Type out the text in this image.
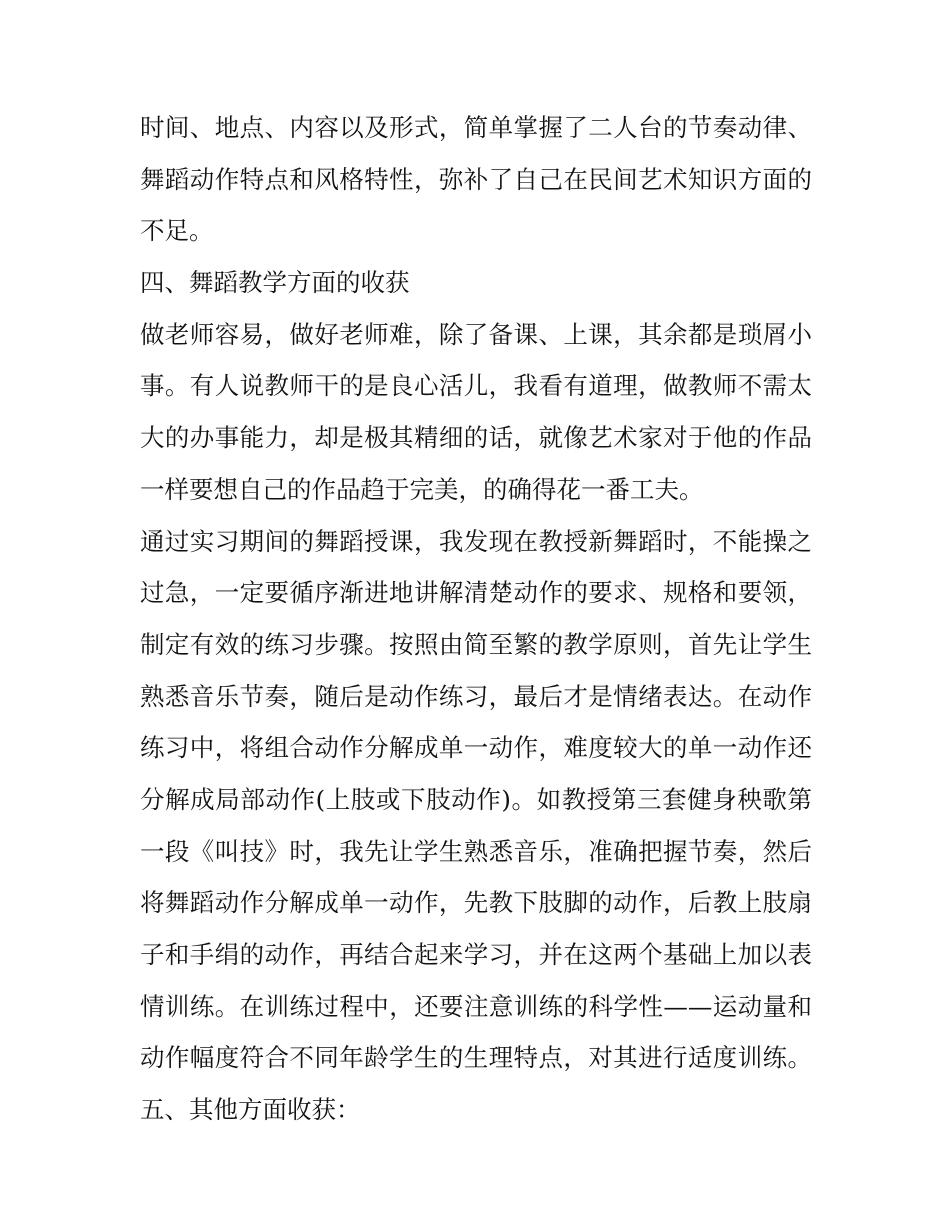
时间、地点、内容以及形式，简单掌握了二人台的节奏动律、
舞蹈动作特点和风格特性，弥补了自己在民间艺术知识方面的
不足。
四、舞蹈教学方面的收获
做老师容易，做好老师难，除了备课、上课，其余都是琐屑小
事。有人说教师干的是良心活儿，我看有道理，做教师不需太
大的办事能力，却是极其精细的话，就像艺术家对于他的作品
一样要想自己的作品趋于完美，的确得花一番工夫。
通过实习期间的舞蹈授课，我发现在教授新舞蹈时，不能操之
过急，一定要循序渐进地讲解清楚动作的要求、规格和要领，
制定有效的练习步骤。按照由简至繁的教学原则，首先让学生
熟悉音乐节奏，随后是动作练习，最后才是情绪表达。在动作
练习中，将组合动作分解成单一动作，难度较大的单一动作还
分解成局部动作(上肢或下肢动作)。如教授第三套健身秧歌第
一段《叫技》时，我先让学生熟悉音乐，准确把握节奏，然后
将舞蹈动作分解成单一动作，先教下肢脚的动作，后教上肢扇
子和手绢的动作，再结合起来学习，并在这两个基础上加以表
情训练。在训练过程中，还要注意训练的科学性——运动量和
动作幅度符合不同年龄学生的生理特点，对其进行适度训练。
五、其他方面收获：
